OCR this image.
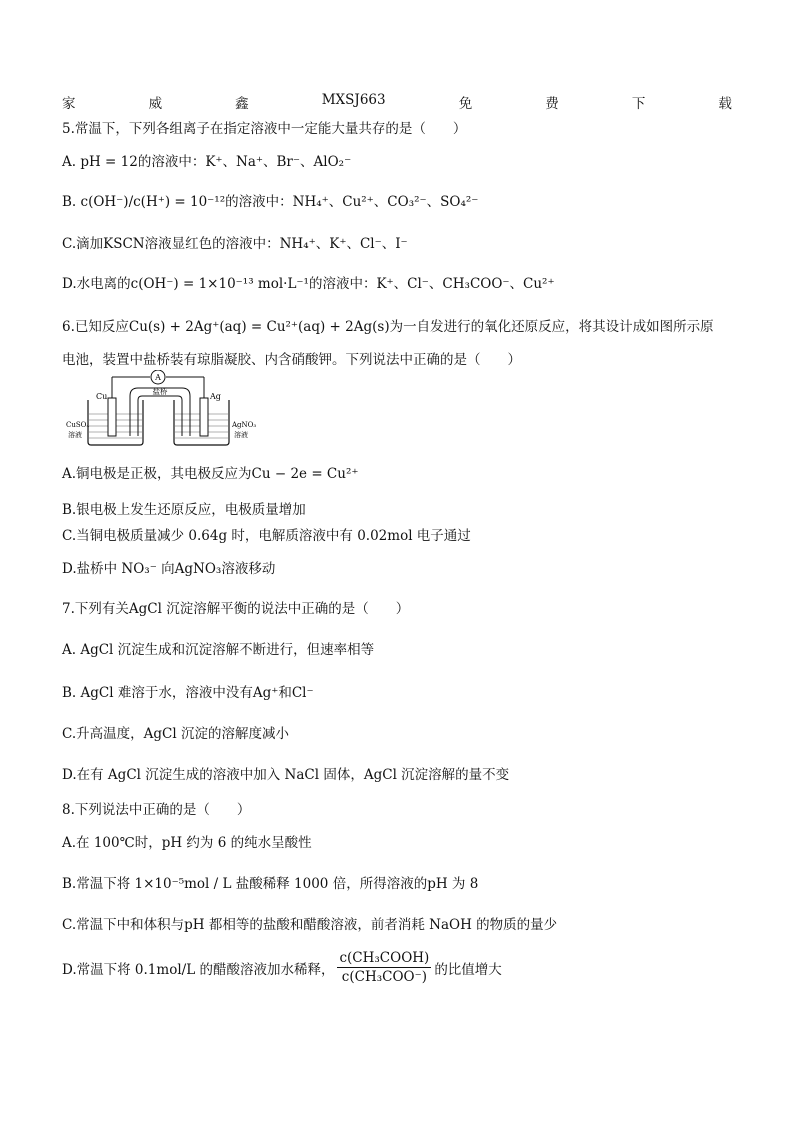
家	威	鑫	MXSJ663	免	费	下	载
5.常温下，下列各组离子在指定溶液中一定能大量共存的是（　　）
A. pH = 12的溶液中：K⁺、Na⁺、Br⁻、AlO₂⁻
B. c(OH⁻)/c(H⁺) = 10⁻¹²的溶液中：NH₄⁺、Cu²⁺、CO₃²⁻、SO₄²⁻
C.滴加KSCN溶液显红色的溶液中：NH₄⁺、K⁺、Cl⁻、I⁻
D.水电离的c(OH⁻) = 1×10⁻¹³ mol·L⁻¹的溶液中：K⁺、Cl⁻、CH₃COO⁻、Cu²⁺
6.已知反应Cu(s) + 2Ag⁺(aq) = Cu²⁺(aq) + 2Ag(s)为一自发进行的氧化还原反应，将其设计成如图所示原
电池，装置中盐桥装有琼脂凝胶、内含硝酸钾。下列说法中正确的是（　　）
A
Cu	Ag
盐桥
CuSO₄
溶液
AgNO₃
溶液
A.铜电极是正极，其电极反应为Cu − 2e = Cu²⁺
B.银电极上发生还原反应，电极质量增加
C.当铜电极质量减少 0.64g 时，电解质溶液中有 0.02mol 电子通过
D.盐桥中 NO₃⁻ 向AgNO₃溶液移动
7.下列有关AgCl 沉淀溶解平衡的说法中正确的是（　　）
A. AgCl 沉淀生成和沉淀溶解不断进行，但速率相等
B. AgCl 难溶于水，溶液中没有Ag⁺和Cl⁻
C.升高温度，AgCl 沉淀的溶解度减小
D.在有 AgCl 沉淀生成的溶液中加入 NaCl 固体，AgCl 沉淀溶解的量不变
8.下列说法中正确的是（　　）
A.在 100℃时，pH 约为 6 的纯水呈酸性
B.常温下将 1×10⁻⁵mol / L 盐酸稀释 1000 倍，所得溶液的pH 为 8
C.常温下中和体积与pH 都相等的盐酸和醋酸溶液，前者消耗 NaOH 的物质的量少
D.常温下将 0.1mol/L 的醋酸溶液加水稀释， $\frac{\text{c(CH₃COOH)}}{\text{c(CH₃COO⁻)}}$ 的比值增大
